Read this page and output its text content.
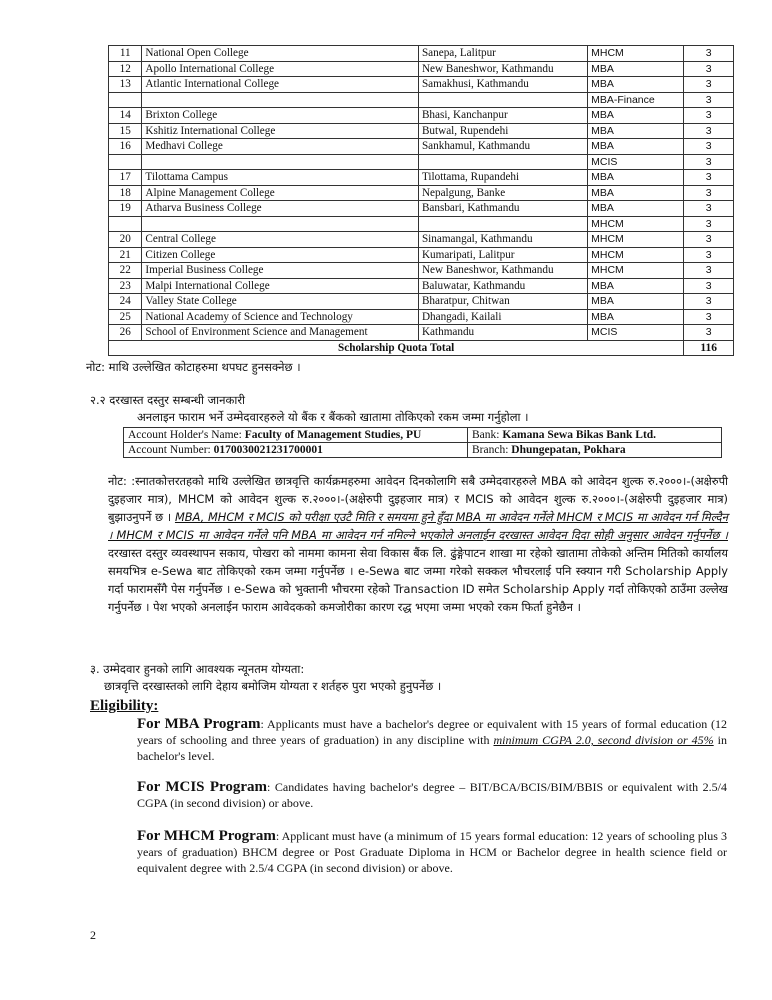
11	National Open College	Sanepa, Lalitpur	MHCM	3
12	Apollo International College	New Baneshwor, Kathmandu	MBA	3
13	Atlantic International College	Samakhusi, Kathmandu	MBA	3
			MBA-Finance	3
14	Brixton College	Bhasi, Kanchanpur	MBA	3
15	Kshitiz International College	Butwal, Rupendehi	MBA	3
16	Medhavi College	Sankhamul, Kathmandu	MBA	3
			MCIS	3
17	Tilottama Campus	Tilottama, Rupandehi	MBA	3
18	Alpine Management College	Nepalgung, Banke	MBA	3
19	Atharva Business College	Bansbari, Kathmandu	MBA	3
			MHCM	3
20	Central College	Sinamangal, Kathmandu	MHCM	3
21	Citizen College	Kumaripati, Lalitpur	MHCM	3
22	Imperial Business College	New Baneshwor, Kathmandu	MHCM	3
23	Malpi International College	Baluwatar, Kathmandu	MBA	3
24	Valley State College	Bharatpur, Chitwan	MBA	3
25	National Academy of Science and Technology	Dhangadi, Kailali	MBA	3
26	School of Environment Science and Management	Kathmandu	MCIS	3
Scholarship Quota Total				116
नोट: माथि उल्लेखित कोटाहरुमा थपघट हुनसक्नेछ ।
२.२ दरखास्त दस्तुर सम्बन्धी जानकारी
अनलाइन फाराम भर्ने उम्मेदवारहरुले यो बैंक र बैंकको खातामा तोकिएको रकम जम्मा गर्नुहोला ।
Account Holder's Name: Faculty of Management Studies, PU	Bank: Kamana Sewa Bikas Bank Ltd.
Account Number: 0170030021231700001	Branch: Dhungepatan, Pokhara
नोट: :स्नातकोत्तरतहको माथि उल्लेखित छात्रवृत्ति कार्यक्रमहरुमा आवेदन दिनकोलागि सबै उम्मेदवारहरुले MBA को आवेदन शुल्क रु.२०००।-(अक्षेरुपी दुइहजार मात्र), MHCM को आवेदन शुल्क रु.२०००।-(अक्षेरुपी दुइहजार मात्र) र MCIS को आवेदन शुल्क रु.२०००।-(अक्षेरुपी दुइहजार मात्र) बुझाउनुपर्ने छ । MBA, MHCM र MCIS को परीक्षा एउटै मिति र समयमा हुने हुँदा MBA मा आवेदन गर्नेले MHCM र MCIS मा आवेदन गर्न मिल्दैन । MHCM र MCIS मा आवेदन गर्नेले पनि MBA मा आवेदन गर्न नमिल्ने भएकोले अनलाईन दरखास्त आवेदन दिदा सोही अनुसार आवेदन गर्नुपर्नेछ । दरखास्त दस्तुर व्यवस्थापन सकाय, पोखरा को नाममा कामना सेवा विकास बैंक लि. ढुंङ्गेपाटन शाखा मा रहेको खातामा तोकेको अन्तिम मितिको कार्यालय समयभित्र e-Sewa बाट तोकिएको रकम जम्मा गर्नुपर्नेछ । e-Sewa बाट जम्मा गरेको सक्कल भौचरलाई पनि स्क्यान गरी Scholarship Apply गर्दा फारामसँगै पेस गर्नुपर्नेछ । e-Sewa को भुक्तानी भौचरमा रहेको Transaction ID समेत Scholarship Apply गर्दा तोकिएको ठाउँमा उल्लेख गर्नुपर्नेछ । पेश भएको अनलाईन फाराम आवेदकको कमजोरीका कारण रद्ध भएमा जम्मा भएको रकम फिर्ता हुनेछैन ।
३. उम्मेदवार हुनको लागि आवश्यक न्यूनतम योग्यता:
छात्रवृत्ति दरखास्तको लागि देहाय बमोजिम योग्यता र शर्तहरु पुरा भएको हुनुपर्नेछ ।
Eligibility:
For MBA Program: Applicants must have a bachelor's degree or equivalent with 15 years of formal education (12 years of schooling and three years of graduation) in any discipline with minimum CGPA 2.0, second division or 45% in bachelor's level.
For MCIS Program: Candidates having bachelor's degree – BIT/BCA/BCIS/BIM/BBIS or equivalent with 2.5/4 CGPA (in second division) or above.
For MHCM Program: Applicant must have (a minimum of 15 years formal education: 12 years of schooling plus 3 years of graduation) BHCM degree or Post Graduate Diploma in HCM or Bachelor degree in health science field or equivalent degree with 2.5/4 CGPA (in second division) or above.
2
